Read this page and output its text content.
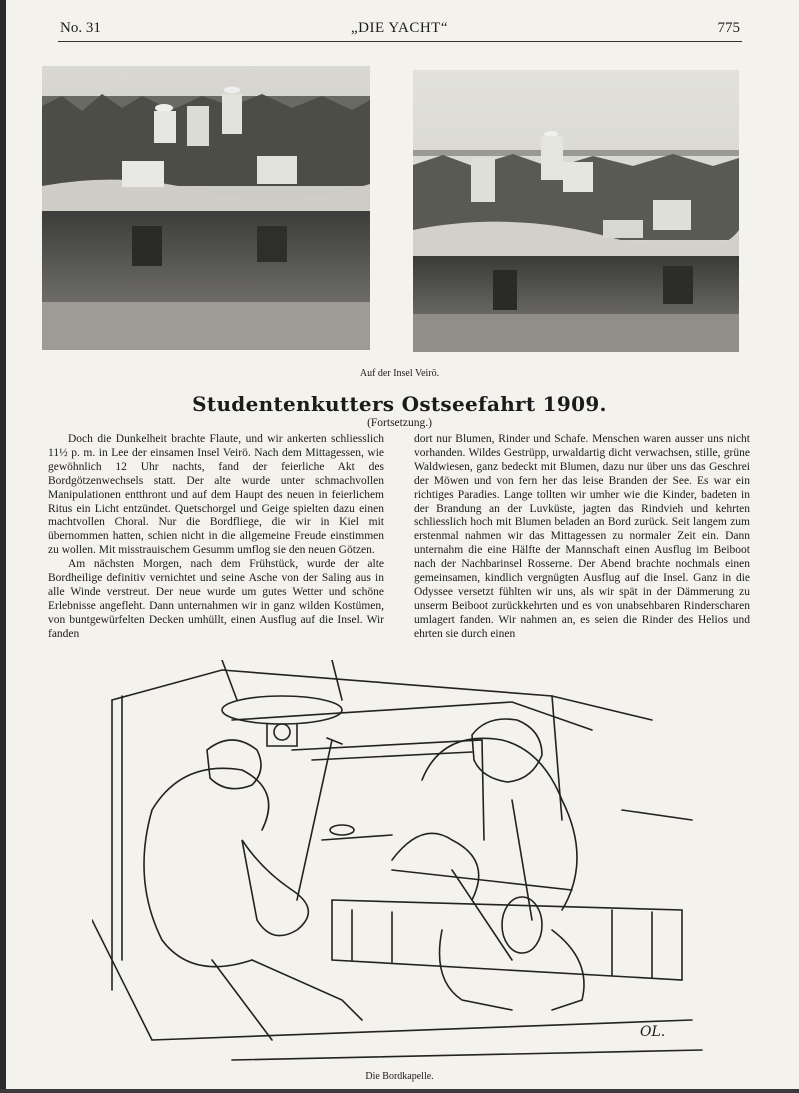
No. 31	„DIE YACHT“	775
Auf der Insel Veirö.
Studentenkutters Ostseefahrt 1909.
(Fortsetzung.)

Doch die Dunkelheit brachte Flaute, und wir ankerten schliesslich 11½ p. m. in Lee der einsamen Insel Veirö. Nach dem Mittagessen, wie gewöhnlich 12 Uhr nachts, fand der feierliche Akt des Bordgötzenwechsels statt. Der alte wurde unter schmachvollen Manipulationen entthront und auf dem Haupt des neuen in feierlichem Ritus ein Licht entzündet. Quetschorgel und Geige spielten dazu einen machtvollen Choral. Nur die Bordfliege, die wir in Kiel mit übernommen hatten, schien nicht in die allgemeine Freude einstimmen zu wollen. Mit misstrauischem Gesumm umflog sie den neuen Götzen.

Am nächsten Morgen, nach dem Frühstück, wurde der alte Bordheilige definitiv vernichtet und seine Asche von der Saling aus in alle Winde verstreut. Der neue wurde um gutes Wetter und schöne Erlebnisse angefleht. Dann unternahmen wir in ganz wilden Kostümen, von buntgewürfelten Decken umhüllt, einen Ausflug auf die Insel. Wir fanden

dort nur Blumen, Rinder und Schafe. Menschen waren ausser uns nicht vorhanden. Wildes Gestrüpp, urwaldartig dicht verwachsen, stille, grüne Waldwiesen, ganz bedeckt mit Blumen, dazu nur über uns das Geschrei der Möwen und von fern her das leise Branden der See. Es war ein richtiges Paradies. Lange tollten wir umher wie die Kinder, badeten in der Brandung an der Luvküste, jagten das Rindvieh und kehrten schliesslich hoch mit Blumen beladen an Bord zurück. Seit langem zum erstenmal nahmen wir das Mittagessen zu normaler Zeit ein. Dann unternahm die eine Hälfte der Mannschaft einen Ausflug im Beiboot nach der Nachbarinsel Rosserne. Der Abend brachte nochmals einen gemeinsamen, kindlich vergnügten Ausflug auf die Insel. Ganz in die Odyssee versetzt fühlten wir uns, als wir spät in der Dämmerung zu unserm Beiboot zurückkehrten und es von unabsehbaren Rinderscharen umlagert fanden. Wir nahmen an, es seien die Rinder des Helios und ehrten sie durch einen

OL.
Die Bordkapelle.
